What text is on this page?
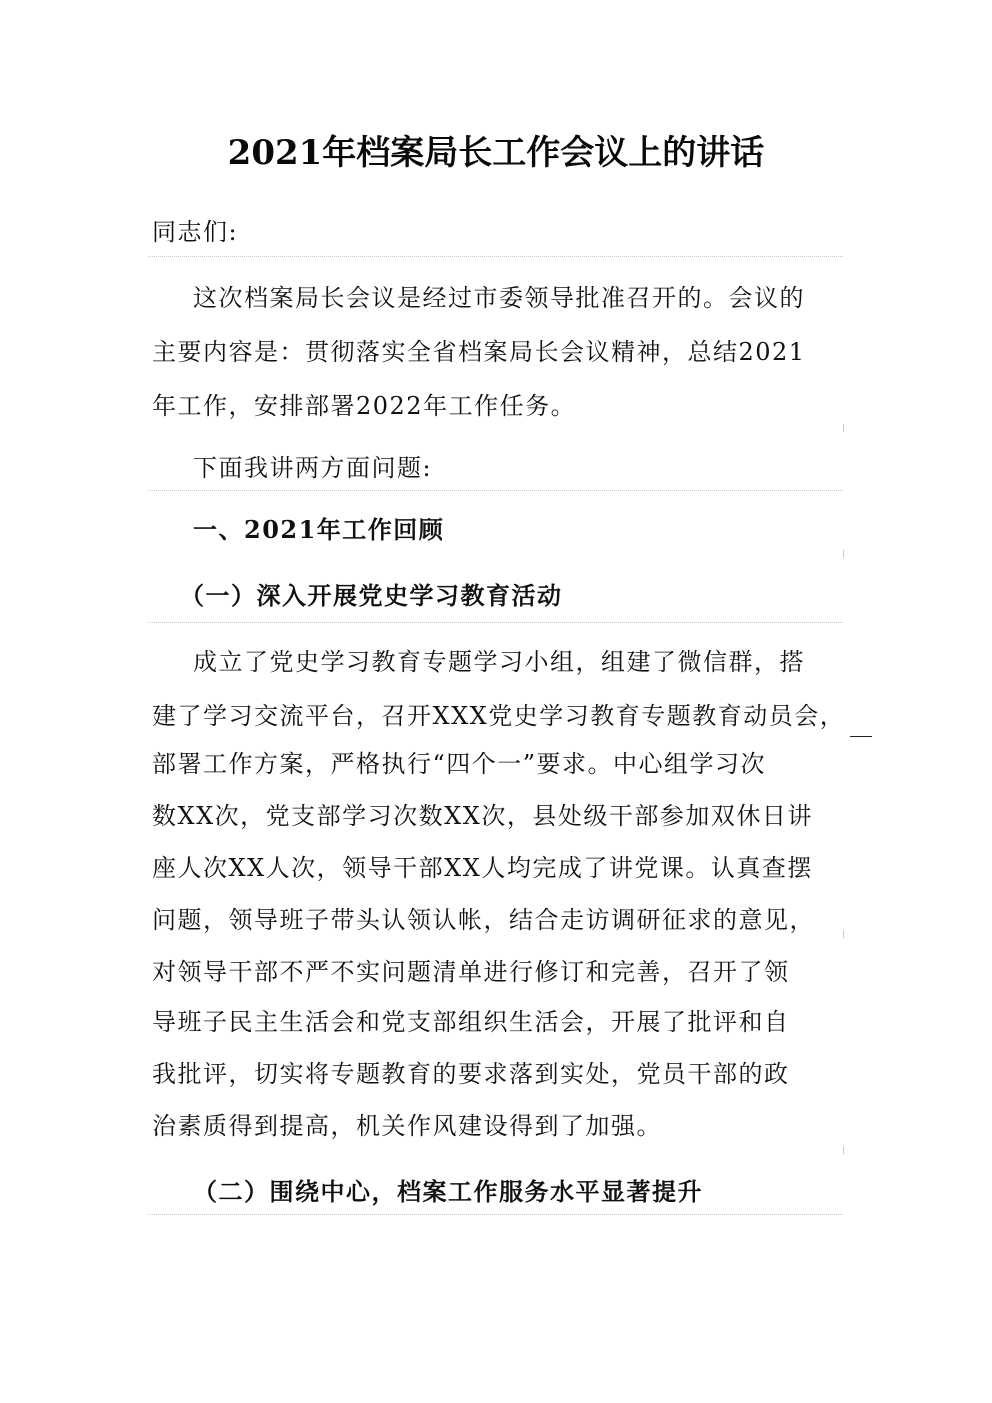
2021年档案局长工作会议上的讲话
同志们:
这次档案局长会议是经过市委领导批准召开的。会议的
主要内容是：贯彻落实全省档案局长会议精神，总结2021
年工作，安排部署2022年工作任务。
下面我讲两方面问题:
一、2021年工作回顾
（一）深入开展党史学习教育活动
成立了党史学习教育专题学习小组，组建了微信群，搭
建了学习交流平台，召开XXX党史学习教育专题教育动员会，
部署工作方案，严格执行“四个一”要求。中心组学习次
数XX次，党支部学习次数XX次，县处级干部参加双休日讲
座人次XX人次，领导干部XX人均完成了讲党课。认真查摆
问题，领导班子带头认领认帐，结合走访调研征求的意见，
对领导干部不严不实问题清单进行修订和完善，召开了领
导班子民主生活会和党支部组织生活会，开展了批评和自
我批评，切实将专题教育的要求落到实处，党员干部的政
治素质得到提高，机关作风建设得到了加强。
（二）围绕中心，档案工作服务水平显著提升
